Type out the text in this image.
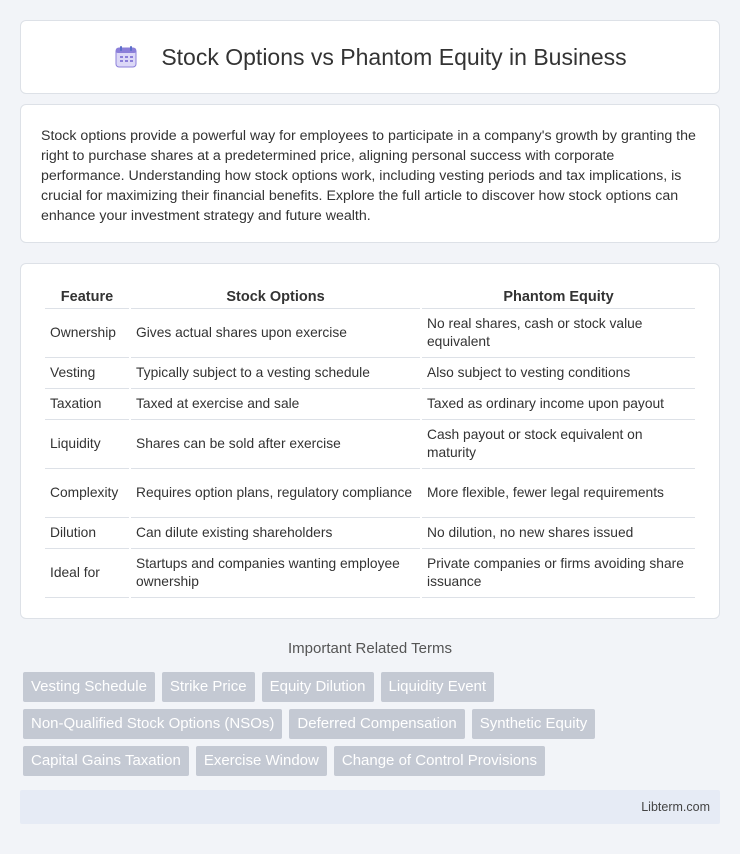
Stock Options vs Phantom Equity in Business

Stock options provide a powerful way for employees to participate in a company's growth by granting the right to purchase shares at a predetermined price, aligning personal success with corporate performance. Understanding how stock options work, including vesting periods and tax implications, is crucial for maximizing their financial benefits. Explore the full article to discover how stock options can enhance your investment strategy and future wealth.

Feature	Stock Options	Phantom Equity
Ownership	Gives actual shares upon exercise	No real shares, cash or stock value equivalent
Vesting	Typically subject to a vesting schedule	Also subject to vesting conditions
Taxation	Taxed at exercise and sale	Taxed as ordinary income upon payout
Liquidity	Shares can be sold after exercise	Cash payout or stock equivalent on maturity
Complexity	Requires option plans, regulatory compliance	More flexible, fewer legal requirements
Dilution	Can dilute existing shareholders	No dilution, no new shares issued
Ideal for	Startups and companies wanting employee ownership	Private companies or firms avoiding share issuance
Important Related Terms
Vesting Schedule	Strike Price	Equity Dilution	Liquidity Event
Non-Qualified Stock Options (NSOs)	Deferred Compensation	Synthetic Equity
Capital Gains Taxation	Exercise Window	Change of Control Provisions
Libterm.com
